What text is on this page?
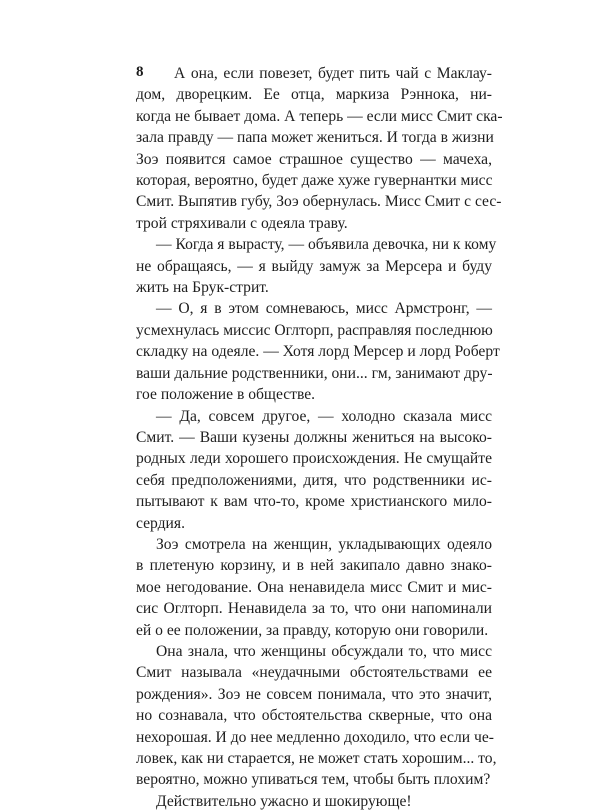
8	А она, если повезет, будет пить чай с Маклау-
дом, дворецким. Ее отца, маркиза Рэннока, ни-
когда не бывает дома. А теперь — если мисс Смит ска-
зала правду — папа может жениться. И тогда в жизни
Зоэ появится самое страшное существо — мачеха,
которая, вероятно, будет даже хуже гувернантки мисс
Смит. Выпятив губу, Зоэ обернулась. Мисс Смит с сес-
трой стряхивали с одеяла траву.

— Когда я вырасту, — объявила девочка, ни к кому
не обращаясь, — я выйду замуж за Мерсера и буду
жить на Брук-стрит.

— О, я в этом сомневаюсь, мисс Армстронг, —
усмехнулась миссис Оглторп, расправляя последнюю
складку на одеяле. — Хотя лорд Мерсер и лорд Роберт
ваши дальние родственники, они... гм, занимают дру-
гое положение в обществе.

— Да, совсем другое, — холодно сказала мисс
Смит. — Ваши кузены должны жениться на высоко-
родных леди хорошего происхождения. Не смущайте
себя предположениями, дитя, что родственники ис-
пытывают к вам что-то, кроме христианского мило-
сердия.

Зоэ смотрела на женщин, укладывающих одеяло
в плетеную корзину, и в ней закипало давно знако-
мое негодование. Она ненавидела мисс Смит и мис-
сис Оглторп. Ненавидела за то, что они напоминали
ей о ее положении, за правду, которую они говорили.

Она знала, что женщины обсуждали то, что мисс
Смит называла «неудачными обстоятельствами ее
рождения». Зоэ не совсем понимала, что это значит,
но сознавала, что обстоятельства скверные, что она
нехорошая. И до нее медленно доходило, что если че-
ловек, как ни старается, не может стать хорошим... то,
вероятно, можно упиваться тем, чтобы быть плохим?

Действительно ужасно и шокирующе!
